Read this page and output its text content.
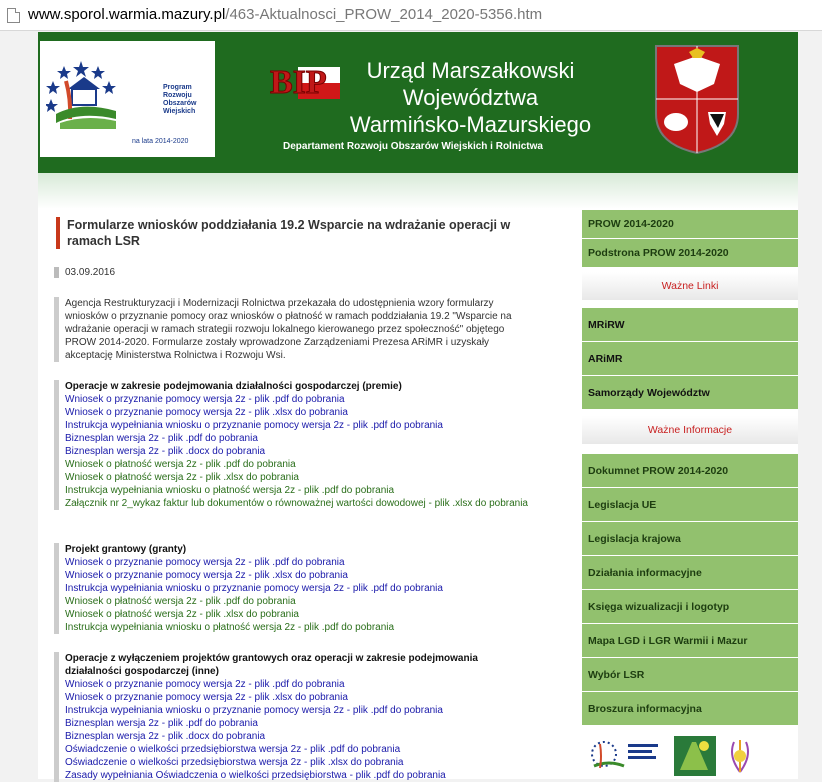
www.sporol.warmia.mazury.pl/463-Aktualnosci_PROW_2014_2020-5356.htm
Program
Rozwoju
Obszarów
Wiejskich
na lata 2014-2020
BIP	Urząd Marszałkowski
Województwa
Warmińsko-Mazurskiego
Departament Rozwoju Obszarów Wiejskich i Rolnictwa
Formularze wniosków poddziałania 19.2 Wsparcie na wdrażanie operacji w ramach LSR
03.09.2016
Agencja Restrukturyzacji i Modernizacji Rolnictwa przekazała do udostępnienia wzory formularzy wniosków o przyznanie pomocy oraz wniosków o płatność w ramach poddziałania 19.2 "Wsparcie na wdrażanie operacji w ramach strategii rozwoju lokalnego kierowanego przez społeczność" objętego PROW 2014-2020. Formularze zostały wprowadzone Zarządzeniami Prezesa ARiMR i uzyskały akceptację Ministerstwa Rolnictwa i Rozwoju Wsi.
Operacje w zakresie podejmowania działalności gospodarczej (premie)
Wniosek o przyznanie pomocy wersja 2z - plik .pdf do pobrania
Wniosek o przyznanie pomocy wersja 2z - plik .xlsx do pobrania
Instrukcja wypełniania wniosku o przyznanie pomocy wersja 2z - plik .pdf do pobrania
Biznesplan wersja 2z - plik .pdf do pobrania
Biznesplan wersja 2z - plik .docx do pobrania
Wniosek o płatność wersja 2z - plik .pdf do pobrania
Wniosek o płatność wersja 2z - plik .xlsx do pobrania
Instrukcja wypełniania wniosku o płatność wersja 2z - plik .pdf do pobrania
Załącznik nr 2_wykaz faktur lub dokumentów o równoważnej wartości dowodowej - plik .xlsx do pobrania
Projekt grantowy (granty)
Wniosek o przyznanie pomocy wersja 2z - plik .pdf do pobrania
Wniosek o przyznanie pomocy wersja 2z - plik .xlsx do pobrania
Instrukcja wypełniania wniosku o przyznanie pomocy wersja 2z - plik .pdf do pobrania
Wniosek o płatność wersja 2z - plik .pdf do pobrania
Wniosek o płatność wersja 2z - plik .xlsx do pobrania
Instrukcja wypełniania wniosku o płatność wersja 2z - plik .pdf do pobrania
Operacje z wyłączeniem projektów grantowych oraz operacji w zakresie podejmowania działalności gospodarczej (inne)
Wniosek o przyznanie pomocy wersja 2z - plik .pdf do pobrania
Wniosek o przyznanie pomocy wersja 2z - plik .xlsx do pobrania
Instrukcja wypełniania wniosku o przyznanie pomocy wersja 2z - plik .pdf do pobrania
Biznesplan wersja 2z - plik .pdf do pobrania
Biznesplan wersja 2z - plik .docx do pobrania
Oświadczenie o wielkości przedsiębiorstwa wersja 2z - plik .pdf do pobrania
Oświadczenie o wielkości przedsiębiorstwa wersja 2z - plik .xlsx do pobrania
Zasady wypełniania Oświadczenia o wielkości przedsiębiorstwa - plik .pdf do pobrania
PROW 2014-2020
Podstrona PROW 2014-2020
Ważne Linki
MRiRW
ARiMR
Samorządy Województw
Ważne Informacje
Dokumnet PROW 2014-2020
Legislacja UE
Legislacja krajowa
Działania informacyjne
Księga wizualizacji i logotyp
Mapa LGD i LGR Warmii i Mazur
Wybór LSR
Broszura informacyjna
